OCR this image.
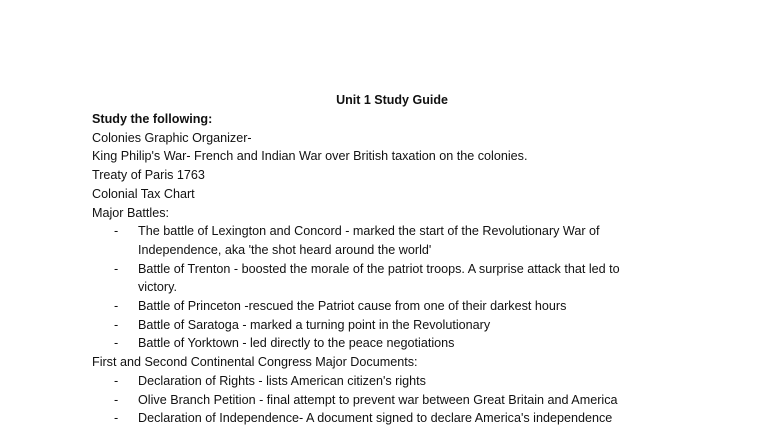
Unit 1 Study Guide
Study the following:
Colonies Graphic Organizer-
King Philip's War- French and Indian War over British taxation on the colonies.
Treaty of Paris 1763
Colonial Tax Chart
Major Battles:
- The battle of Lexington and Concord - marked the start of the Revolutionary War of
Independence, aka 'the shot heard around the world'
- Battle of Trenton - boosted the morale of the patriot troops. A surprise attack that led to
victory.
- Battle of Princeton -rescued the Patriot cause from one of their darkest hours
- Battle of Saratoga - marked a turning point in the Revolutionary
- Battle of Yorktown - led directly to the peace negotiations
First and Second Continental Congress Major Documents:
- Declaration of Rights - lists American citizen's rights
- Olive Branch Petition - final attempt to prevent war between Great Britain and America
- Declaration of Independence- A document signed to declare America's independence
